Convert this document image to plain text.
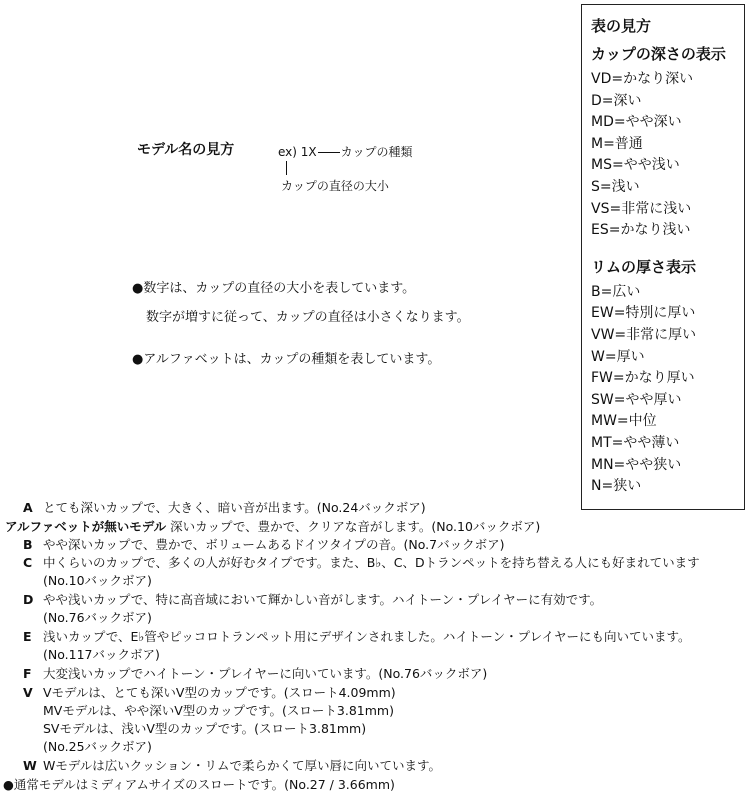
表の見方
カップの深さの表示
VD=かなり深い
D=深い
MD=やや深い
M=普通
MS=やや浅い
S=浅い
VS=非常に浅い
ES=かなり浅い
リムの厚さ表示
B=広い
EW=特別に厚い
VW=非常に厚い
W=厚い
FW=かなり厚い
SW=やや厚い
MW=中位
MT=やや薄い
MN=やや狭い
N=狭い
モデル名の見方	ex) 1X カップの種類
カップの直径の大小
●数字は、カップの直径の大小を表しています。
数字が増すに従って、カップの直径は小さくなります。
●アルファベットは、カップの種類を表しています。
A とても深いカップで、大きく、暗い音が出ます。(No.24バックボア)
アルファベットが無いモデル 深いカップで、豊かで、クリアな音がします。(No.10バックボア)
B やや深いカップで、豊かで、ボリュームあるドイツタイプの音。(No.7バックボア)
C 中くらいのカップで、多くの人が好むタイプです。また、B♭、C、Dトランペットを持ち替える人にも好まれています
(No.10バックボア)
D やや浅いカップで、特に高音域において輝かしい音がします。ハイトーン・プレイヤーに有効です。
(No.76バックボア)
E 浅いカップで、E♭管やピッコロトランペット用にデザインされました。ハイトーン・プレイヤーにも向いています。
(No.117バックボア)
F 大変浅いカップでハイトーン・プレイヤーに向いています。(No.76バックボア)
V Vモデルは、とても深いV型のカップです。(スロート4.09mm)
MVモデルは、やや深いV型のカップです。(スロート3.81mm)
SVモデルは、浅いV型のカップです。(スロート3.81mm)
(No.25バックボア)
W Wモデルは広いクッション・リムで柔らかくて厚い唇に向いています。
●通常モデルはミディアムサイズのスロートです。(No.27 / 3.66mm)
